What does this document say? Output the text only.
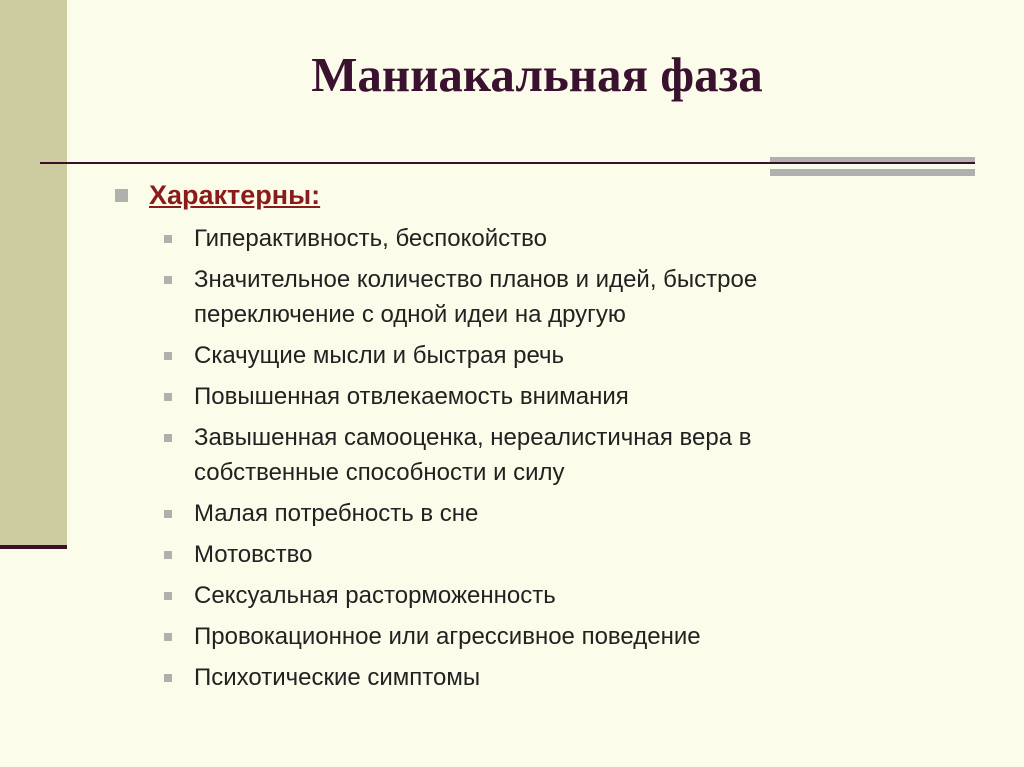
Маниакальная фаза
Характерны:
Гиперактивность, беспокойство
Значительное количество планов и идей, быстрое переключение с одной идеи на другую
Скачущие мысли и быстрая речь
Повышенная отвлекаемость внимания
Завышенная самооценка, нереалистичная вера в собственные способности и силу
Малая потребность в сне
Мотовство
Сексуальная расторможенность
Провокационное или агрессивное поведение
Психотические симптомы
